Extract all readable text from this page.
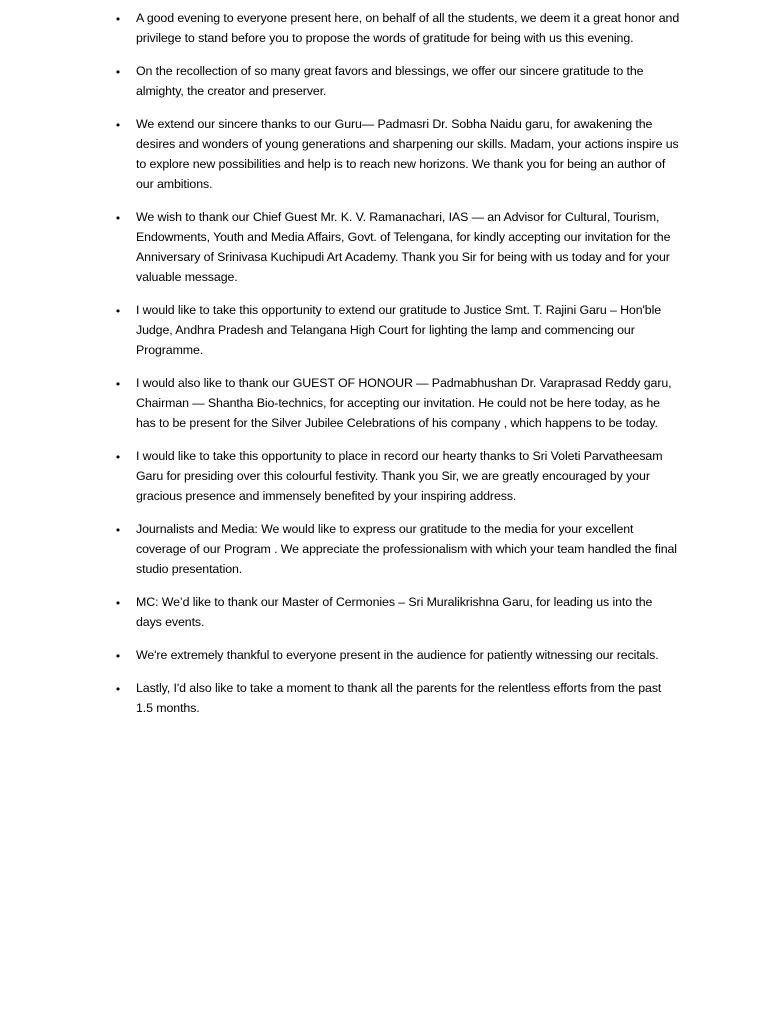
• A good evening to everyone present here, on behalf of all the students, we deem it a great honor and privilege to stand before you to propose the words of gratitude for being with us this evening.
• On the recollection of so many great favors and blessings, we offer our sincere gratitude to the almighty, the creator and preserver.
• We extend our sincere thanks to our Guru— Padmasri Dr. Sobha Naidu garu, for awakening the desires and wonders of young generations and sharpening our skills. Madam, your actions inspire us to explore new possibilities and help is to reach new horizons. We thank you for being an author of our ambitions.
• We wish to thank our Chief Guest Mr. K. V. Ramanachari, IAS — an Advisor for Cultural, Tourism, Endowments, Youth and Media Affairs, Govt. of Telengana, for kindly accepting our invitation for the Anniversary of Srinivasa Kuchipudi Art Academy. Thank you Sir for being with us today and for your valuable message.
• I would like to take this opportunity to extend our gratitude to Justice Smt. T. Rajini Garu – Hon'ble Judge, Andhra Pradesh and Telangana High Court for lighting the lamp and commencing our Programme.
• I would also like to thank our GUEST OF HONOUR — Padmabhushan Dr. Varaprasad Reddy garu, Chairman — Shantha Bio-technics, for accepting our invitation. He could not be here today, as he has to be present for the Silver Jubilee Celebrations of his company , which happens to be today.
• I would like to take this opportunity to place in record our hearty thanks to Sri Voleti Parvatheesam Garu for presiding over this colourful festivity. Thank you Sir, we are greatly encouraged by your gracious presence and immensely benefited by your inspiring address.
• Journalists and Media: We would like to express our gratitude to the media for your excellent coverage of our Program . We appreciate the professionalism with which your team handled the final studio presentation.
• MC: We’d like to thank our Master of Cermonies – Sri Muralikrishna Garu, for leading us into the days events.
• We're extremely thankful to everyone present in the audience for patiently witnessing our recitals.
• Lastly, I'd also like to take a moment to thank all the parents for the relentless efforts from the past 1.5 months.
